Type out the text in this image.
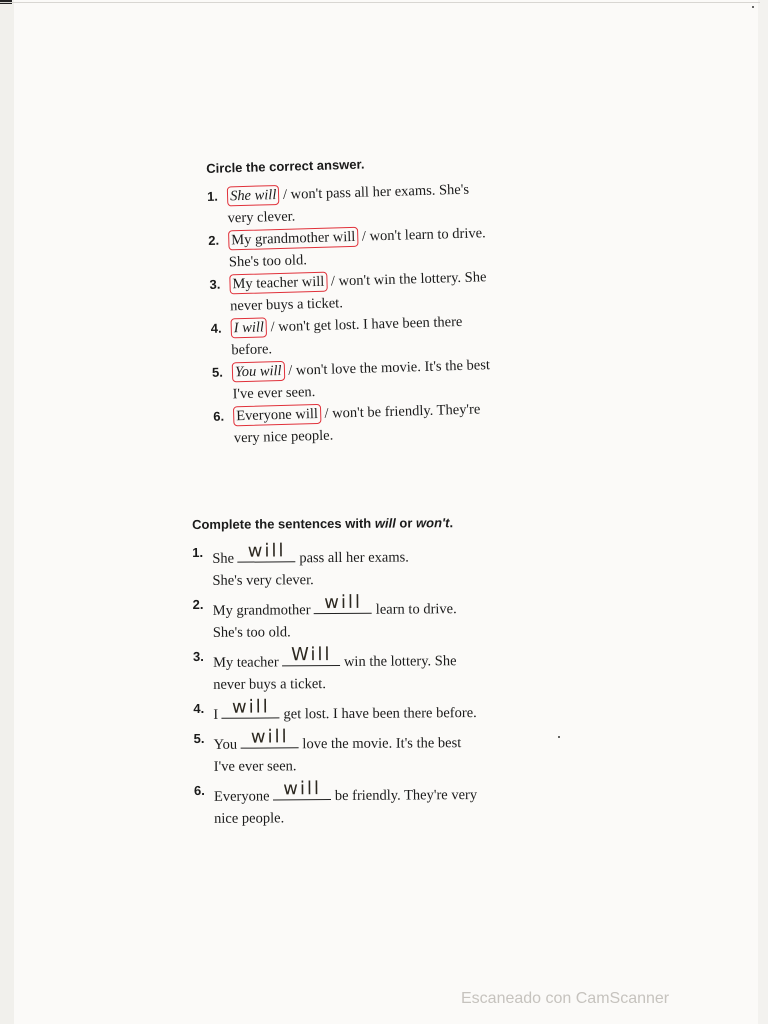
Circle the correct answer.
1. She will / won't pass all her exams. She's
very clever.
2. My grandmother will / won't learn to drive.
She's too old.
3. My teacher will / won't win the lottery. She
never buys a ticket.
4. I will / won't get lost. I have been there
before.
5. You will / won't love the movie. It's the best
I've ever seen.
6. Everyone will / won't be friendly. They're
very nice people.
Complete the sentences with will or won't.
1. She will pass all her exams.
She's very clever.
2. My grandmother will learn to drive.
She's too old.
3. My teacher Will win the lottery. She
never buys a ticket.
4. I will get lost. I have been there before.
5. You will love the movie. It's the best
I've ever seen.
6. Everyone will be friendly. They're very
nice people.
Escaneado con CamScanner
